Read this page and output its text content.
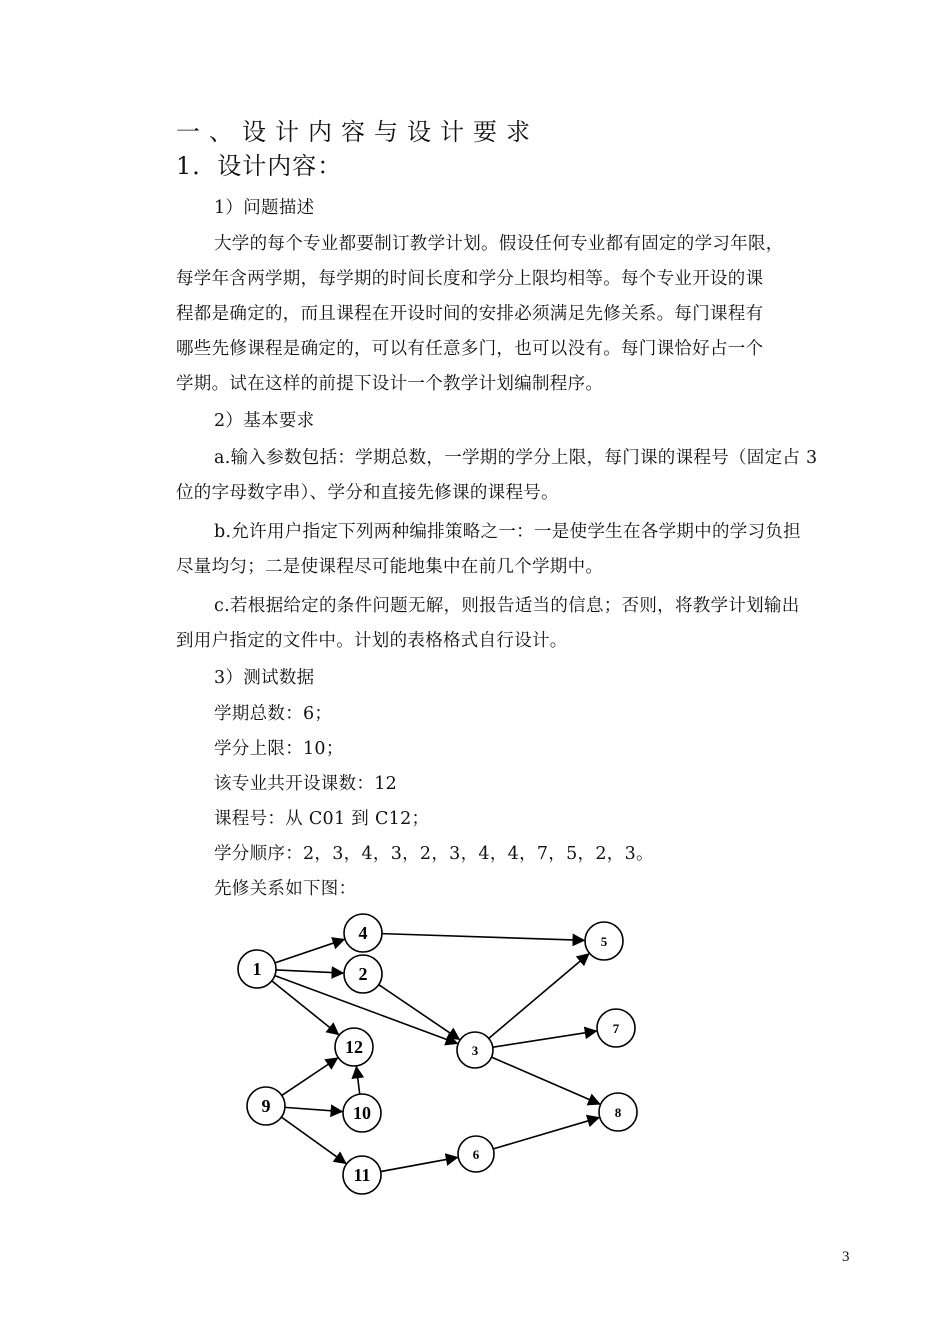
一、设计内容与设计要求
1．设计内容：
1）问题描述
大学的每个专业都要制订教学计划。假设任何专业都有固定的学习年限，
每学年含两学期，每学期的时间长度和学分上限均相等。每个专业开设的课
程都是确定的，而且课程在开设时间的安排必须满足先修关系。每门课程有
哪些先修课程是确定的，可以有任意多门，也可以没有。每门课恰好占一个
学期。试在这样的前提下设计一个教学计划编制程序。
2）基本要求
a.输入参数包括：学期总数，一学期的学分上限，每门课的课程号（固定占 3
位的字母数字串）、学分和直接先修课的课程号。
b.允许用户指定下列两种编排策略之一：一是使学生在各学期中的学习负担
尽量均匀；二是使课程尽可能地集中在前几个学期中。
c.若根据给定的条件问题无解，则报告适当的信息；否则，将教学计划输出
到用户指定的文件中。计划的表格格式自行设计。
3）测试数据
学期总数：6；
学分上限：10；
该专业共开设课数：12
课程号：从 C01 到 C12；
学分顺序：2，3，4，3，2，3，4，4，7，5，2，3。
先修关系如下图：
1
4
2
12	3
5
7
8
9	10
11
6
3
